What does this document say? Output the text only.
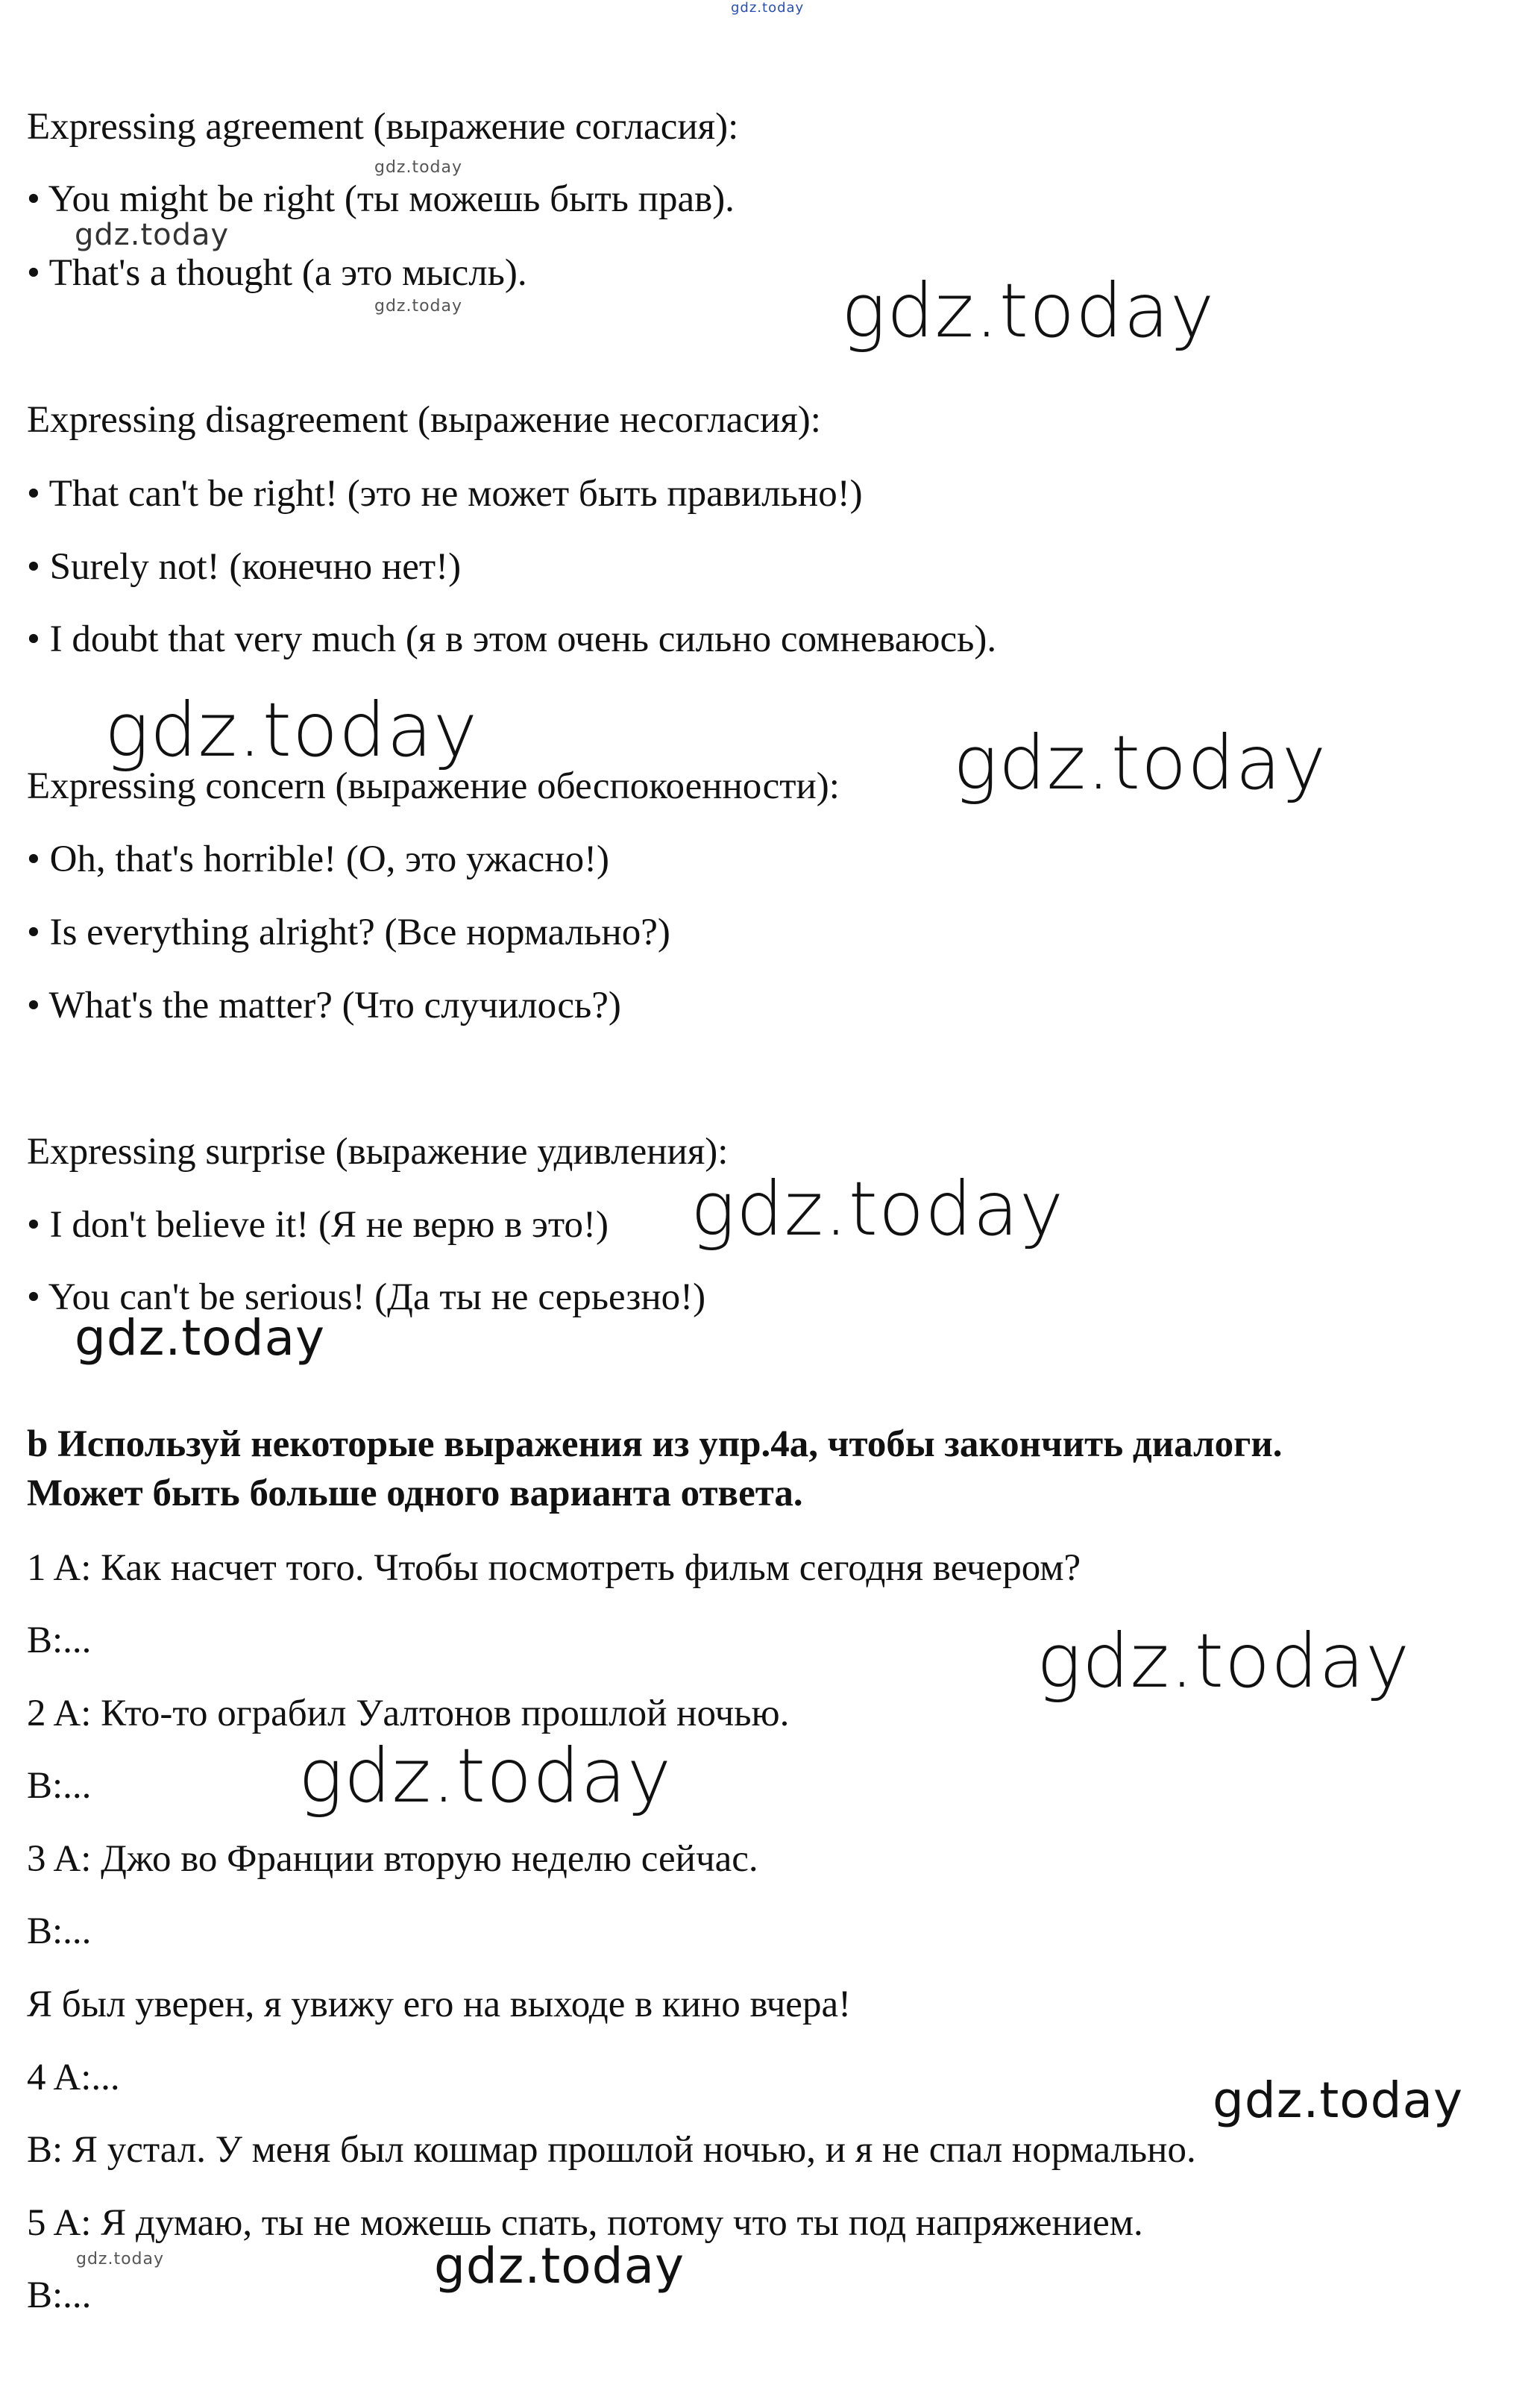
Expressing agreement (выражение согласия):
• You might be right (ты можешь быть прав).
• That's a thought (а это мысль).
Expressing disagreement (выражение несогласия):
• That can't be right! (это не может быть правильно!)
• Surely not! (конечно нет!)
• I doubt that very much (я в этом очень сильно сомневаюсь).
Expressing concern (выражение обеспокоенности):
• Oh, that's horrible! (О, это ужасно!)
• Is everything alright? (Все нормально?)
• What's the matter? (Что случилось?)
Expressing surprise (выражение удивления):
• I don't believe it! (Я не верю в это!)
• You can't be serious! (Да ты не серьезно!)
b Используй некоторые выражения из упр.4a, чтобы закончить диалоги.
Может быть больше одного варианта ответа.
1 A: Как насчет того. Чтобы посмотреть фильм сегодня вечером?
B:...
2 A: Кто-то ограбил Уалтонов прошлой ночью.
B:...
3 A: Джо во Франции вторую неделю сейчас.
B:...
Я был уверен, я увижу его на выходе в кино вчера!
4 A:...
B: Я устал. У меня был кошмар прошлой ночью, и я не спал нормально.
5 A: Я думаю, ты не можешь спать, потому что ты под напряжением.
B:...
gdz.today
gdz.today
gdz.today
gdz.today	gdz.today
gdz.today	gdz.today
gdz.today
gdz.today
gdz.today
gdz.today
gdz.today
gdz.today	gdz.today
